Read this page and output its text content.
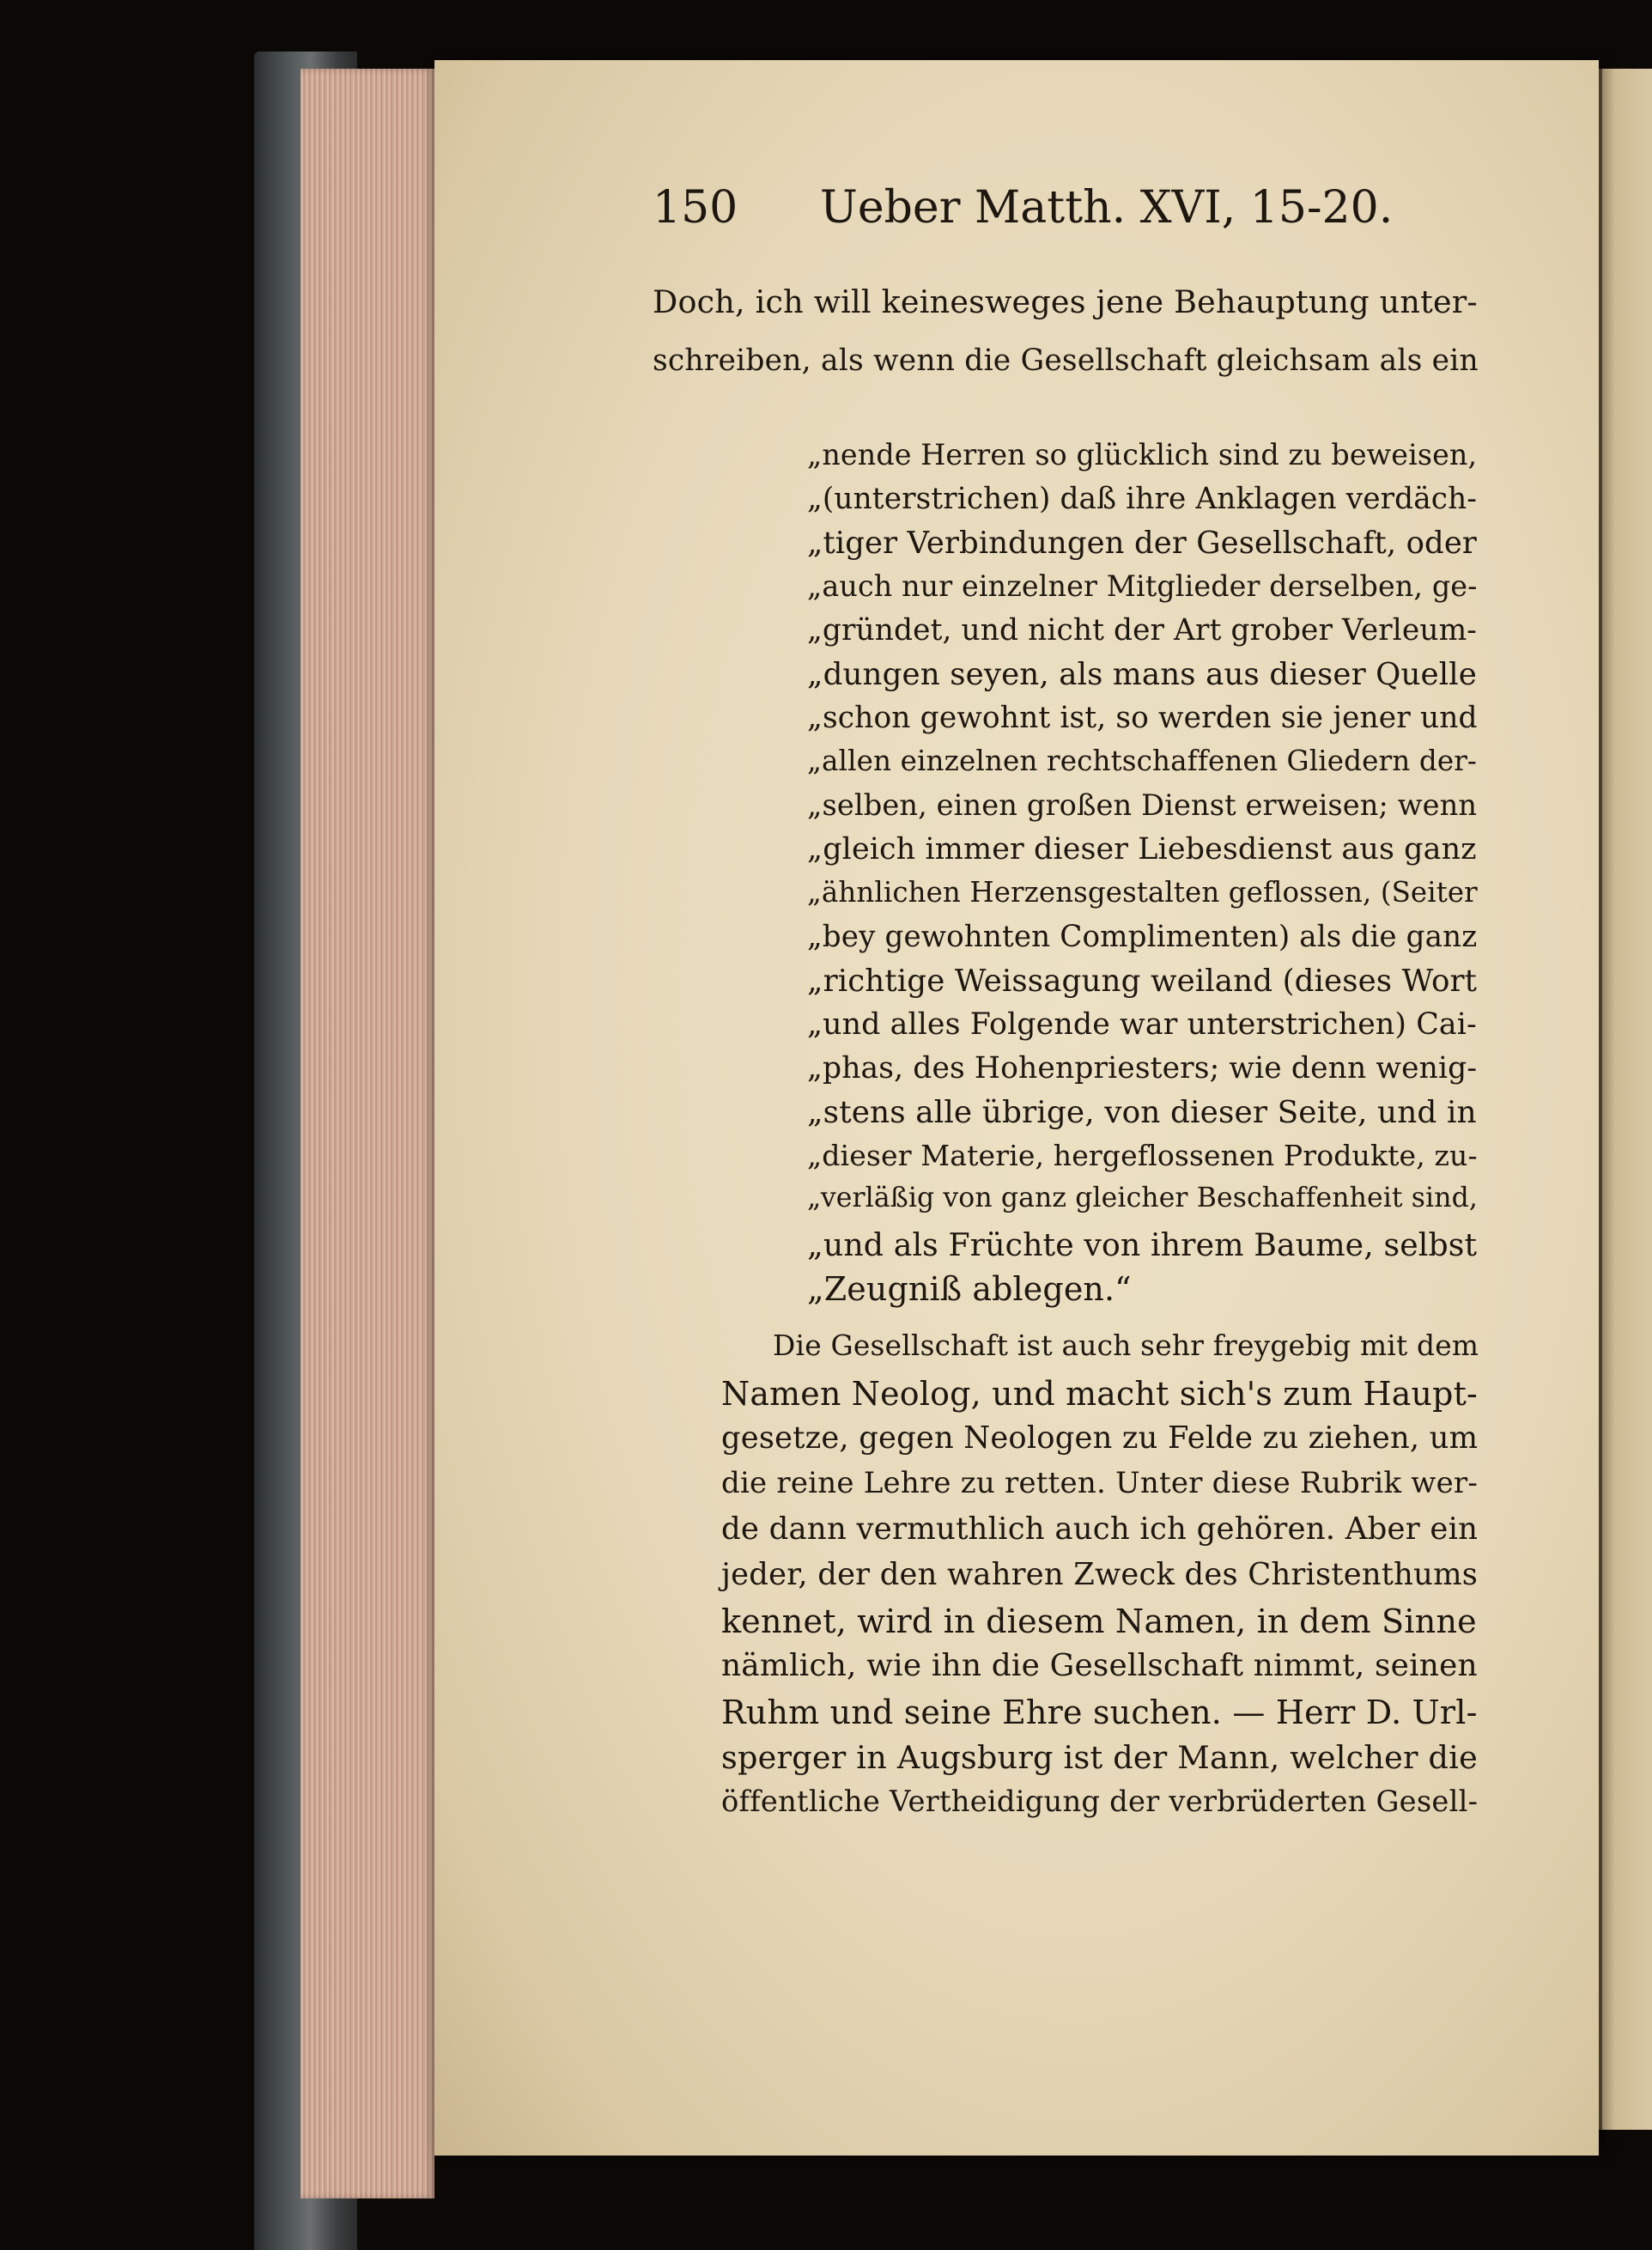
150 Ueber Matth. XVI, 15-20.
Doch, ich will keinesweges jene Behauptung unter-
schreiben, als wenn die Gesellschaft gleichsam als ein
„nende Herren so glücklich sind zu beweisen,
„(unterstrichen) daß ihre Anklagen verdäch-
„tiger Verbindungen der Gesellschaft, oder
„auch nur einzelner Mitglieder derselben, ge-
„gründet, und nicht der Art grober Verleum-
„dungen seyen, als mans aus dieser Quelle
„schon gewohnt ist, so werden sie jener und
„allen einzelnen rechtschaffenen Gliedern der-
„selben, einen großen Dienst erweisen; wenn
„gleich immer dieser Liebesdienst aus ganz
„ähnlichen Herzensgestalten geflossen, (Seiter
„bey gewohnten Complimenten) als die ganz
„richtige Weissagung weiland (dieses Wort
„und alles Folgende war unterstrichen) Cai-
„phas, des Hohenpriesters; wie denn wenig-
„stens alle übrige, von dieser Seite, und in
„dieser Materie, hergeflossenen Produkte, zu-
„verläßig von ganz gleicher Beschaffenheit sind,
„und als Früchte von ihrem Baume, selbst
„Zeugniß ablegen.“
Die Gesellschaft ist auch sehr freygebig mit dem
Namen Neolog, und macht sich's zum Haupt-
gesetze, gegen Neologen zu Felde zu ziehen, um
die reine Lehre zu retten. Unter diese Rubrik wer-
de dann vermuthlich auch ich gehören. Aber ein
jeder, der den wahren Zweck des Christenthums
kennet, wird in diesem Namen, in dem Sinne
nämlich, wie ihn die Gesellschaft nimmt, seinen
Ruhm und seine Ehre suchen. — Herr D. Url-
sperger in Augsburg ist der Mann, welcher die
öffentliche Vertheidigung der verbrüderten Gesell-
